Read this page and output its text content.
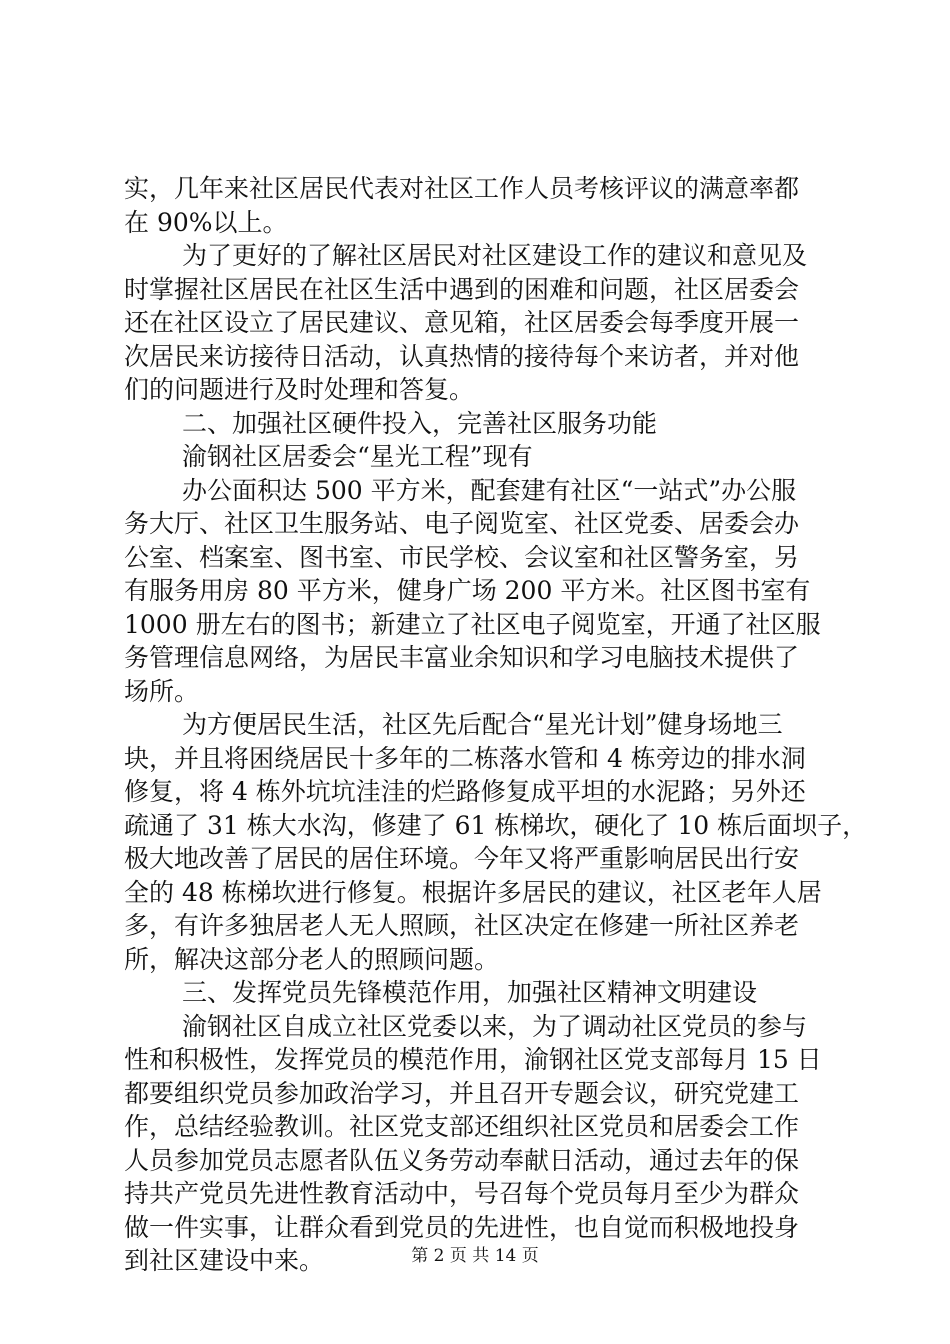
实，几年来社区居民代表对社区工作人员考核评议的满意率都
在 90%以上。
为了更好的了解社区居民对社区建设工作的建议和意见及
时掌握社区居民在社区生活中遇到的困难和问题，社区居委会
还在社区设立了居民建议、意见箱，社区居委会每季度开展一
次居民来访接待日活动，认真热情的接待每个来访者，并对他
们的问题进行及时处理和答复。
二、加强社区硬件投入，完善社区服务功能
渝钢社区居委会“星光工程”现有
办公面积达 500 平方米，配套建有社区“一站式”办公服
务大厅、社区卫生服务站、电子阅览室、社区党委、居委会办
公室、档案室、图书室、市民学校、会议室和社区警务室，另
有服务用房 80 平方米，健身广场 200 平方米。社区图书室有
1000 册左右的图书；新建立了社区电子阅览室，开通了社区服
务管理信息网络，为居民丰富业余知识和学习电脑技术提供了
场所。
为方便居民生活，社区先后配合“星光计划”健身场地三
块，并且将困绕居民十多年的二栋落水管和 4 栋旁边的排水洞
修复，将 4 栋外坑坑洼洼的烂路修复成平坦的水泥路；另外还
疏通了 31 栋大水沟，修建了 61 栋梯坎，硬化了 10 栋后面坝子，
极大地改善了居民的居住环境。今年又将严重影响居民出行安
全的 48 栋梯坎进行修复。根据许多居民的建议，社区老年人居
多，有许多独居老人无人照顾，社区决定在修建一所社区养老
所，解决这部分老人的照顾问题。
三、发挥党员先锋模范作用，加强社区精神文明建设
渝钢社区自成立社区党委以来，为了调动社区党员的参与
性和积极性，发挥党员的模范作用，渝钢社区党支部每月 15 日
都要组织党员参加政治学习，并且召开专题会议，研究党建工
作，总结经验教训。社区党支部还组织社区党员和居委会工作
人员参加党员志愿者队伍义务劳动奉献日活动，通过去年的保
持共产党员先进性教育活动中，号召每个党员每月至少为群众
做一件实事，让群众看到党员的先进性，也自觉而积极地投身
到社区建设中来。	第 2 页 共 14 页
